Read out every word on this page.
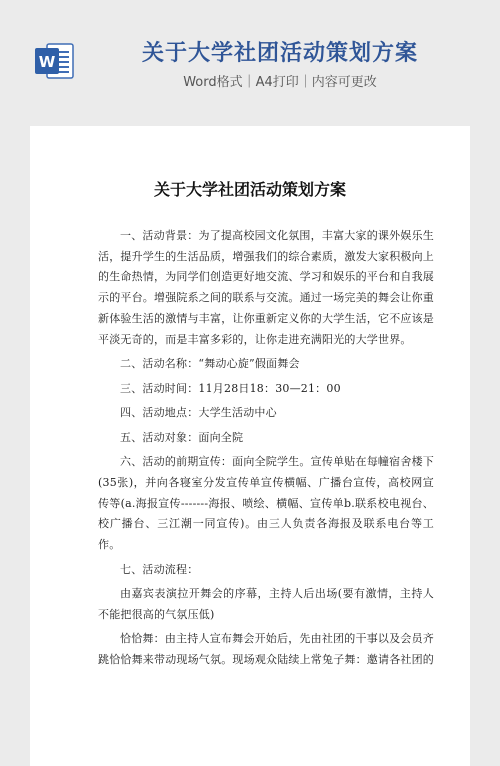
W	关于大学社团活动策划方案
Word格式｜A4打印｜内容可更改
关于大学社团活动策划方案

一、活动背景：为了提高校园文化氛围，丰富大家的课外娱乐生活，提升学生的生活品质，增强我们的综合素质，激发大家积极向上的生命热情，为同学们创造更好地交流、学习和娱乐的平台和自我展示的平台。增强院系之间的联系与交流。通过一场完美的舞会让你重新体验生活的激情与丰富，让你重新定义你的大学生活，它不应该是平淡无奇的，而是丰富多彩的，让你走进充满阳光的大学世界。

二、活动名称：“舞动心旋”假面舞会

三、活动时间：11月28日18：30—21：00

四、活动地点：大学生活动中心

五、活动对象：面向全院

六、活动的前期宣传：面向全院学生。宣传单贴在每幢宿舍楼下(35张)，并向各寝室分发宣传单宣传横幅、广播台宣传，高校网宣传等(a.海报宣传-------海报、喷绘、横幅、宣传单b.联系校电视台、校广播台、三江潮一同宣传)。由三人负责各海报及联系电台等工作。

七、活动流程：

由嘉宾表演拉开舞会的序幕，主持人后出场(要有激情，主持人不能把很高的气氛压低)

恰恰舞：由主持人宣布舞会开始后，先由社团的干事以及会员齐跳恰恰舞来带动现场气氛。现场观众陆续上常兔子舞：邀请各社团的
